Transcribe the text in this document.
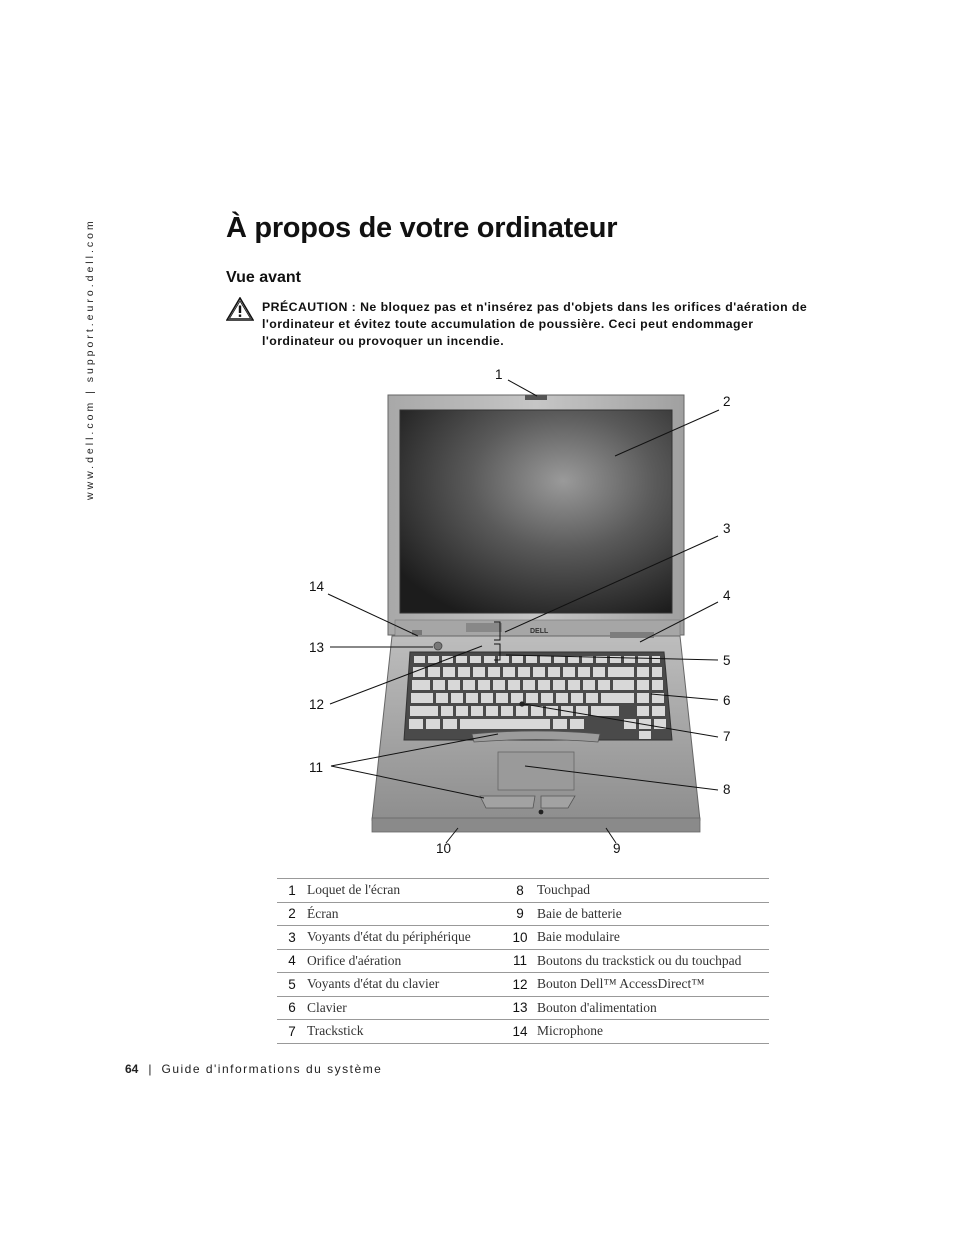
www.dell.com | support.euro.dell.com	À propos de votre ordinateur
Vue avant
PRÉCAUTION : Ne bloquez pas et n'insérez pas d'objets dans les orifices d'aération de l'ordinateur et évitez toute accumulation de poussière. Ceci peut endommager l'ordinateur ou provoquer un incendie.
DELL
1
2
3
4
5
6
7
8
9
10
11
12
13
14
1	Loquet de l'écran	8	Touchpad
2	Écran	9	Baie de batterie
3	Voyants d'état du périphérique	10	Baie modulaire
4	Orifice d'aération	11	Boutons du trackstick ou du touchpad
5	Voyants d'état du clavier	12	Bouton Dell™ AccessDirect™
6	Clavier	13	Bouton d'alimentation
7	Trackstick	14	Microphone
64 | Guide d'informations du système
